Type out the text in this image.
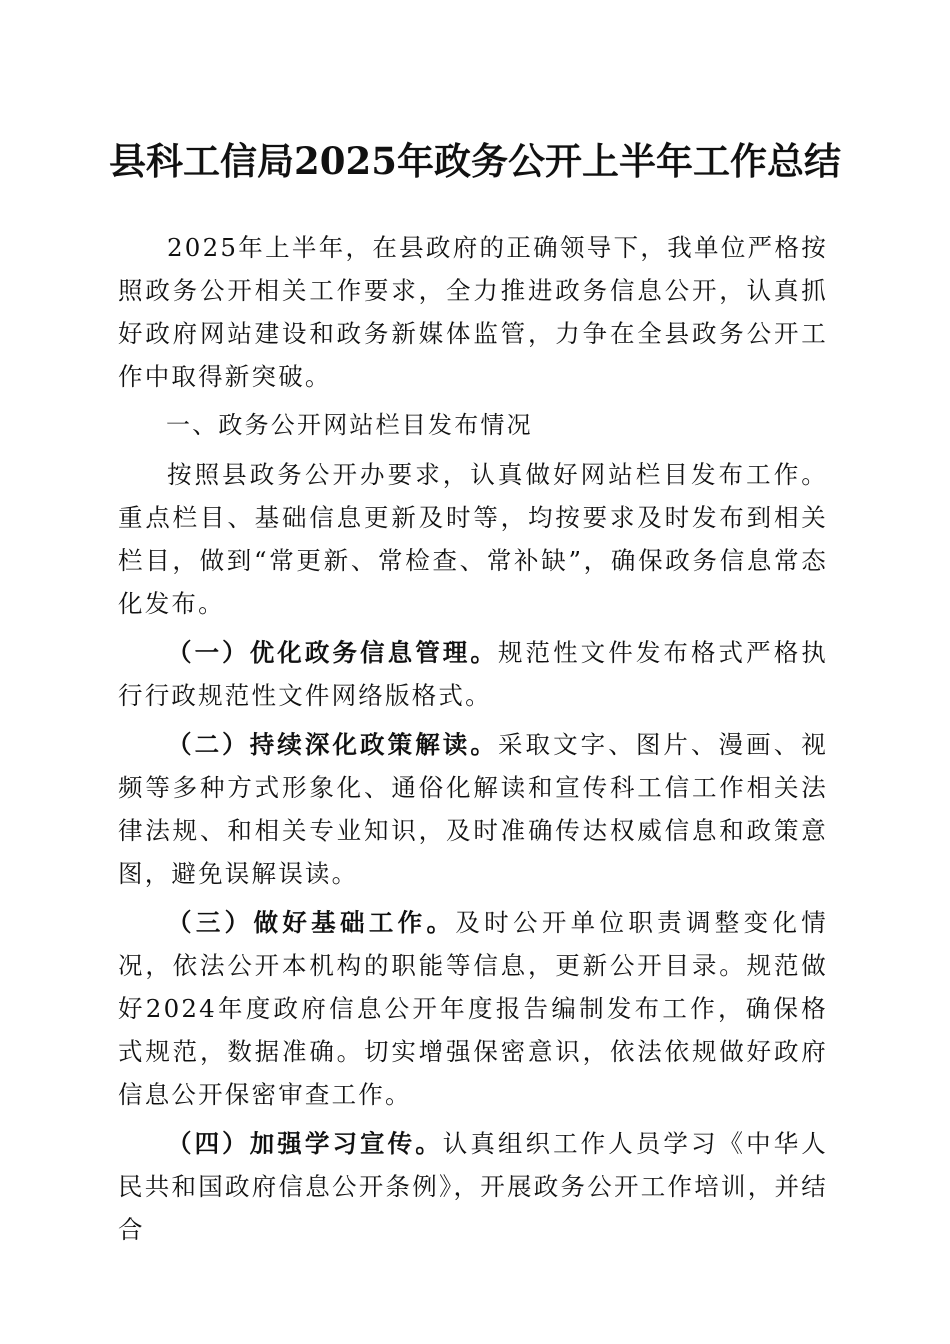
县科工信局2025年政务公开上半年工作总结

2025年上半年，在县政府的正确领导下，我单位严格按照政务公开相关工作要求，全力推进政务信息公开，认真抓好政府网站建设和政务新媒体监管，力争在全县政务公开工作中取得新突破。

一、政务公开网站栏目发布情况

按照县政务公开办要求，认真做好网站栏目发布工作。重点栏目、基础信息更新及时等，均按要求及时发布到相关栏目，做到“常更新、常检查、常补缺”，确保政务信息常态化发布。

（一）优化政务信息管理。规范性文件发布格式严格执行行政规范性文件网络版格式。

（二）持续深化政策解读。采取文字、图片、漫画、视频等多种方式形象化、通俗化解读和宣传科工信工作相关法律法规、和相关专业知识，及时准确传达权威信息和政策意图，避免误解误读。

（三）做好基础工作。及时公开单位职责调整变化情况，依法公开本机构的职能等信息，更新公开目录。规范做好2024年度政府信息公开年度报告编制发布工作，确保格式规范，数据准确。切实增强保密意识，依法依规做好政府信息公开保密审查工作。

（四）加强学习宣传。认真组织工作人员学习《中华人民共和国政府信息公开条例》，开展政务公开工作培训，并结合
